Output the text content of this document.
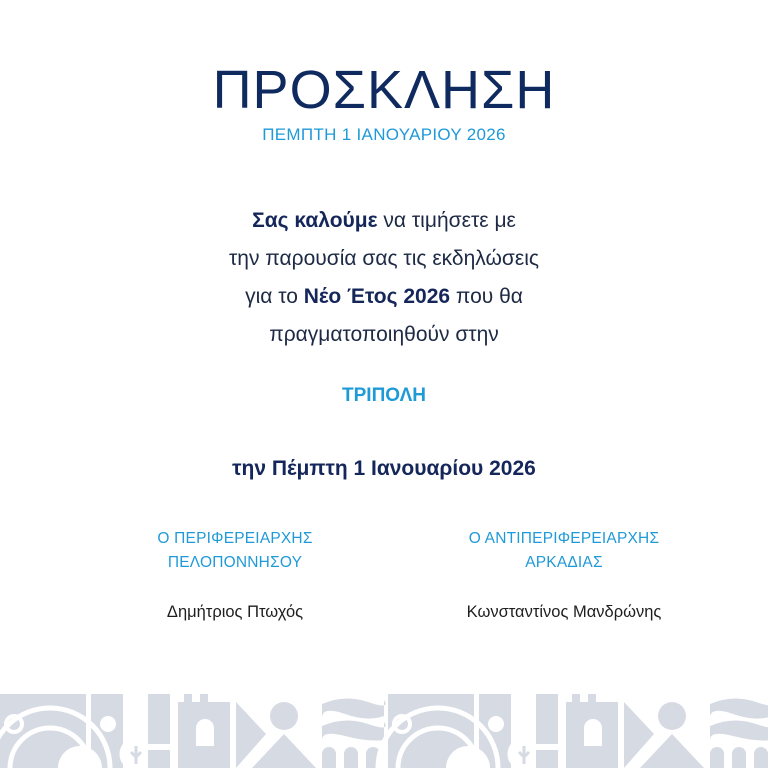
ΠΡΟΣΚΛΗΣΗ
ΠΕΜΠΤΗ 1 ΙΑΝΟΥΑΡΙΟΥ 2026
Σας καλούμε να τιμήσετε με
την παρουσία σας τις εκδηλώσεις
για το Νέο Έτος 2026 που θα
πραγματοποιηθούν στην
ΤΡΙΠΟΛΗ
την Πέμπτη 1 Ιανουαρίου 2026
Ο ΠΕΡΙΦΕΡΕΙΑΡΧΗΣ
ΠΕΛΟΠΟΝΝΗΣΟΥ
Δημήτριος Πτωχός
Ο ΑΝΤΙΠΕΡΙΦΕΡΕΙΑΡΧΗΣ
ΑΡΚΑΔΙΑΣ
Κωνσταντίνος Μανδρώνης
